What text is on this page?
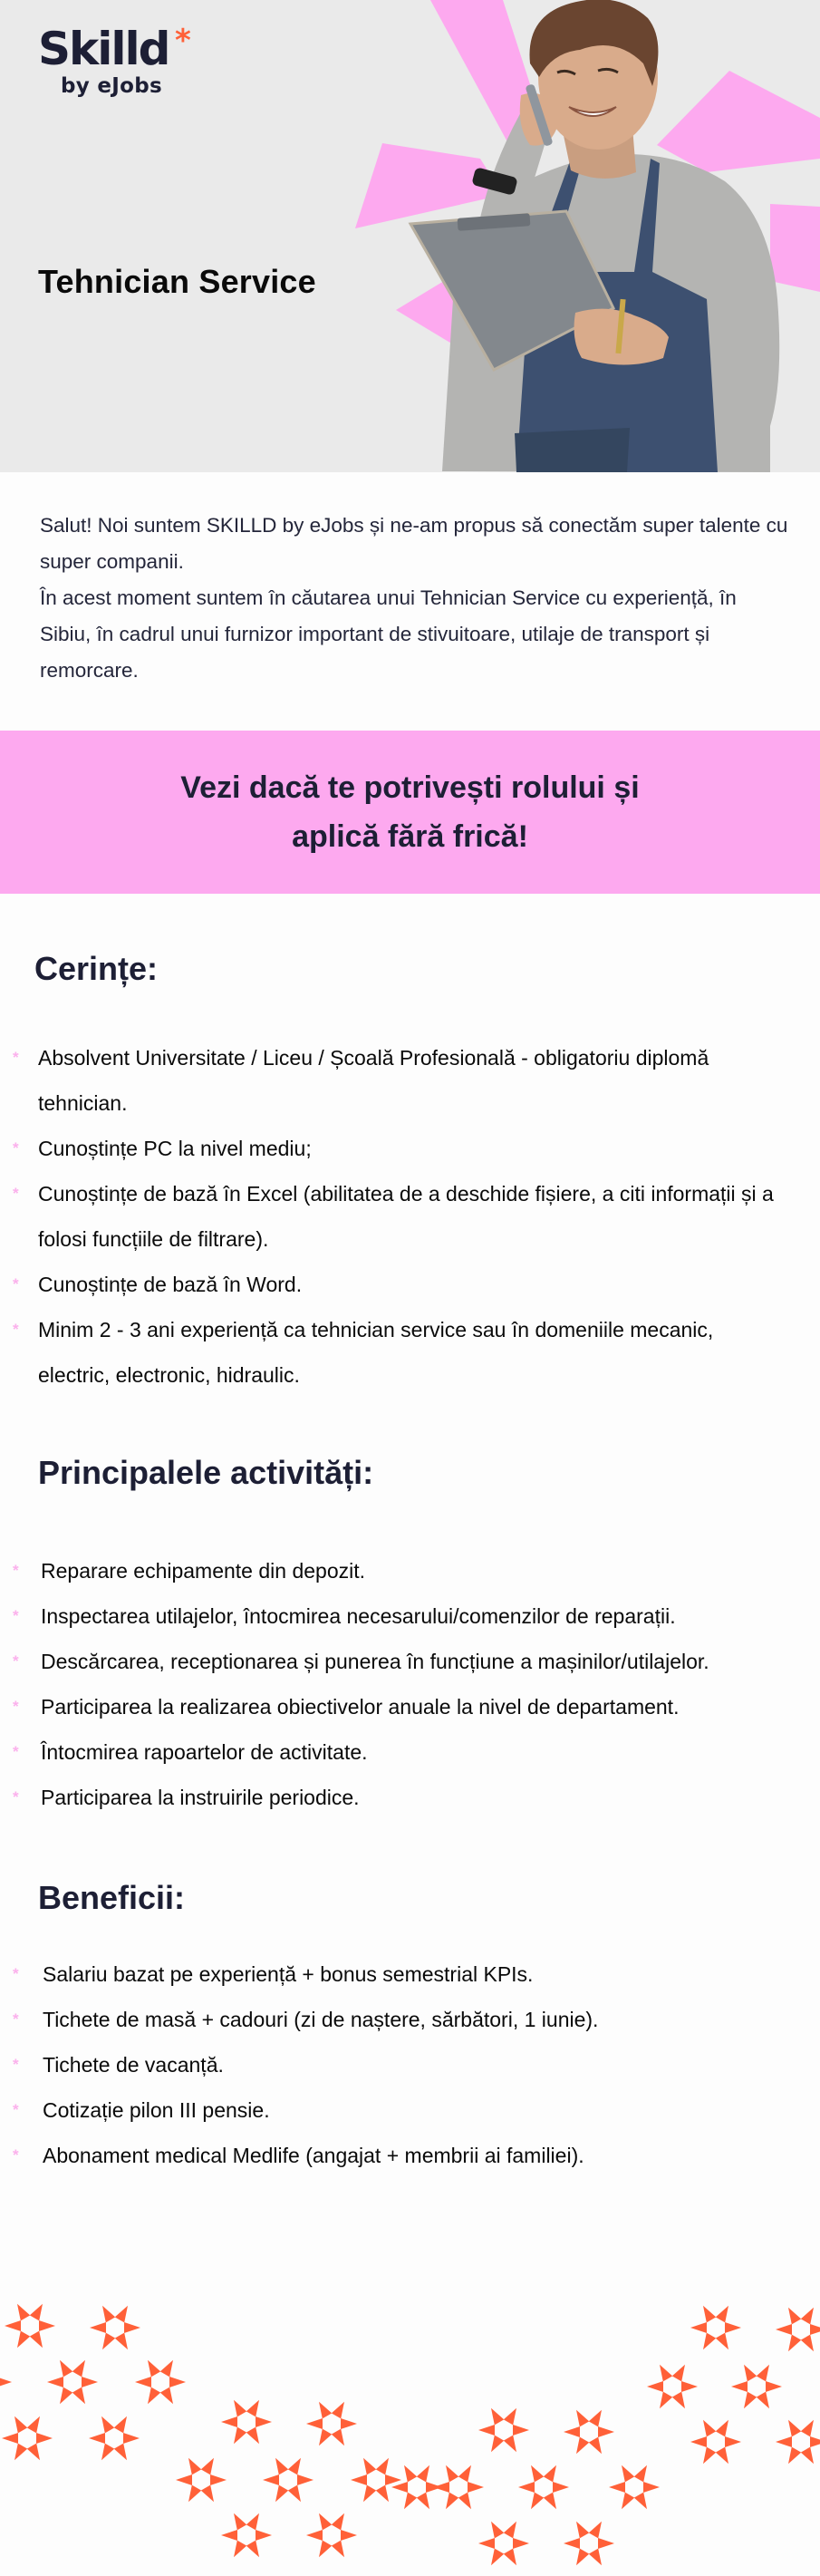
Skilld *
by eJobs
Tehnician Service

Salut! Noi suntem SKILLD by eJobs și ne-am propus să conectăm super talente cu super companii.

În acest moment suntem în căutarea unui Tehnician Service cu experiență, în Sibiu, în cadrul unui furnizor important de stivuitoare, utilaje de transport și remorcare.

Vezi dacă te potrivești rolului și aplică fără frică!
Cerințe:
* Absolvent Universitate / Liceu / Școală Profesională - obligatoriu diplomă tehnician.
* Cunoștințe PC la nivel mediu;
* Cunoștințe de bază în Excel (abilitatea de a deschide fișiere, a citi informații și a folosi funcțiile de filtrare).
* Cunoștințe de bază în Word.
* Minim 2 - 3 ani experiență ca tehnician service sau în domeniile mecanic, electric, electronic, hidraulic.
Principalele activități:
* Reparare echipamente din depozit.
* Inspectarea utilajelor, întocmirea necesarului/comenzilor de reparații.
* Descărcarea, receptionarea și punerea în funcțiune a mașinilor/utilajelor.
* Participarea la realizarea obiectivelor anuale la nivel de departament.
* Întocmirea rapoartelor de activitate.
* Participarea la instruirile periodice.
Beneficii:
* Salariu bazat pe experiență + bonus semestrial KPIs.
* Tichete de masă + cadouri (zi de naștere, sărbători, 1 iunie).
* Tichete de vacanță.
* Cotizație pilon III pensie.
* Abonament medical Medlife (angajat + membrii ai familiei).
